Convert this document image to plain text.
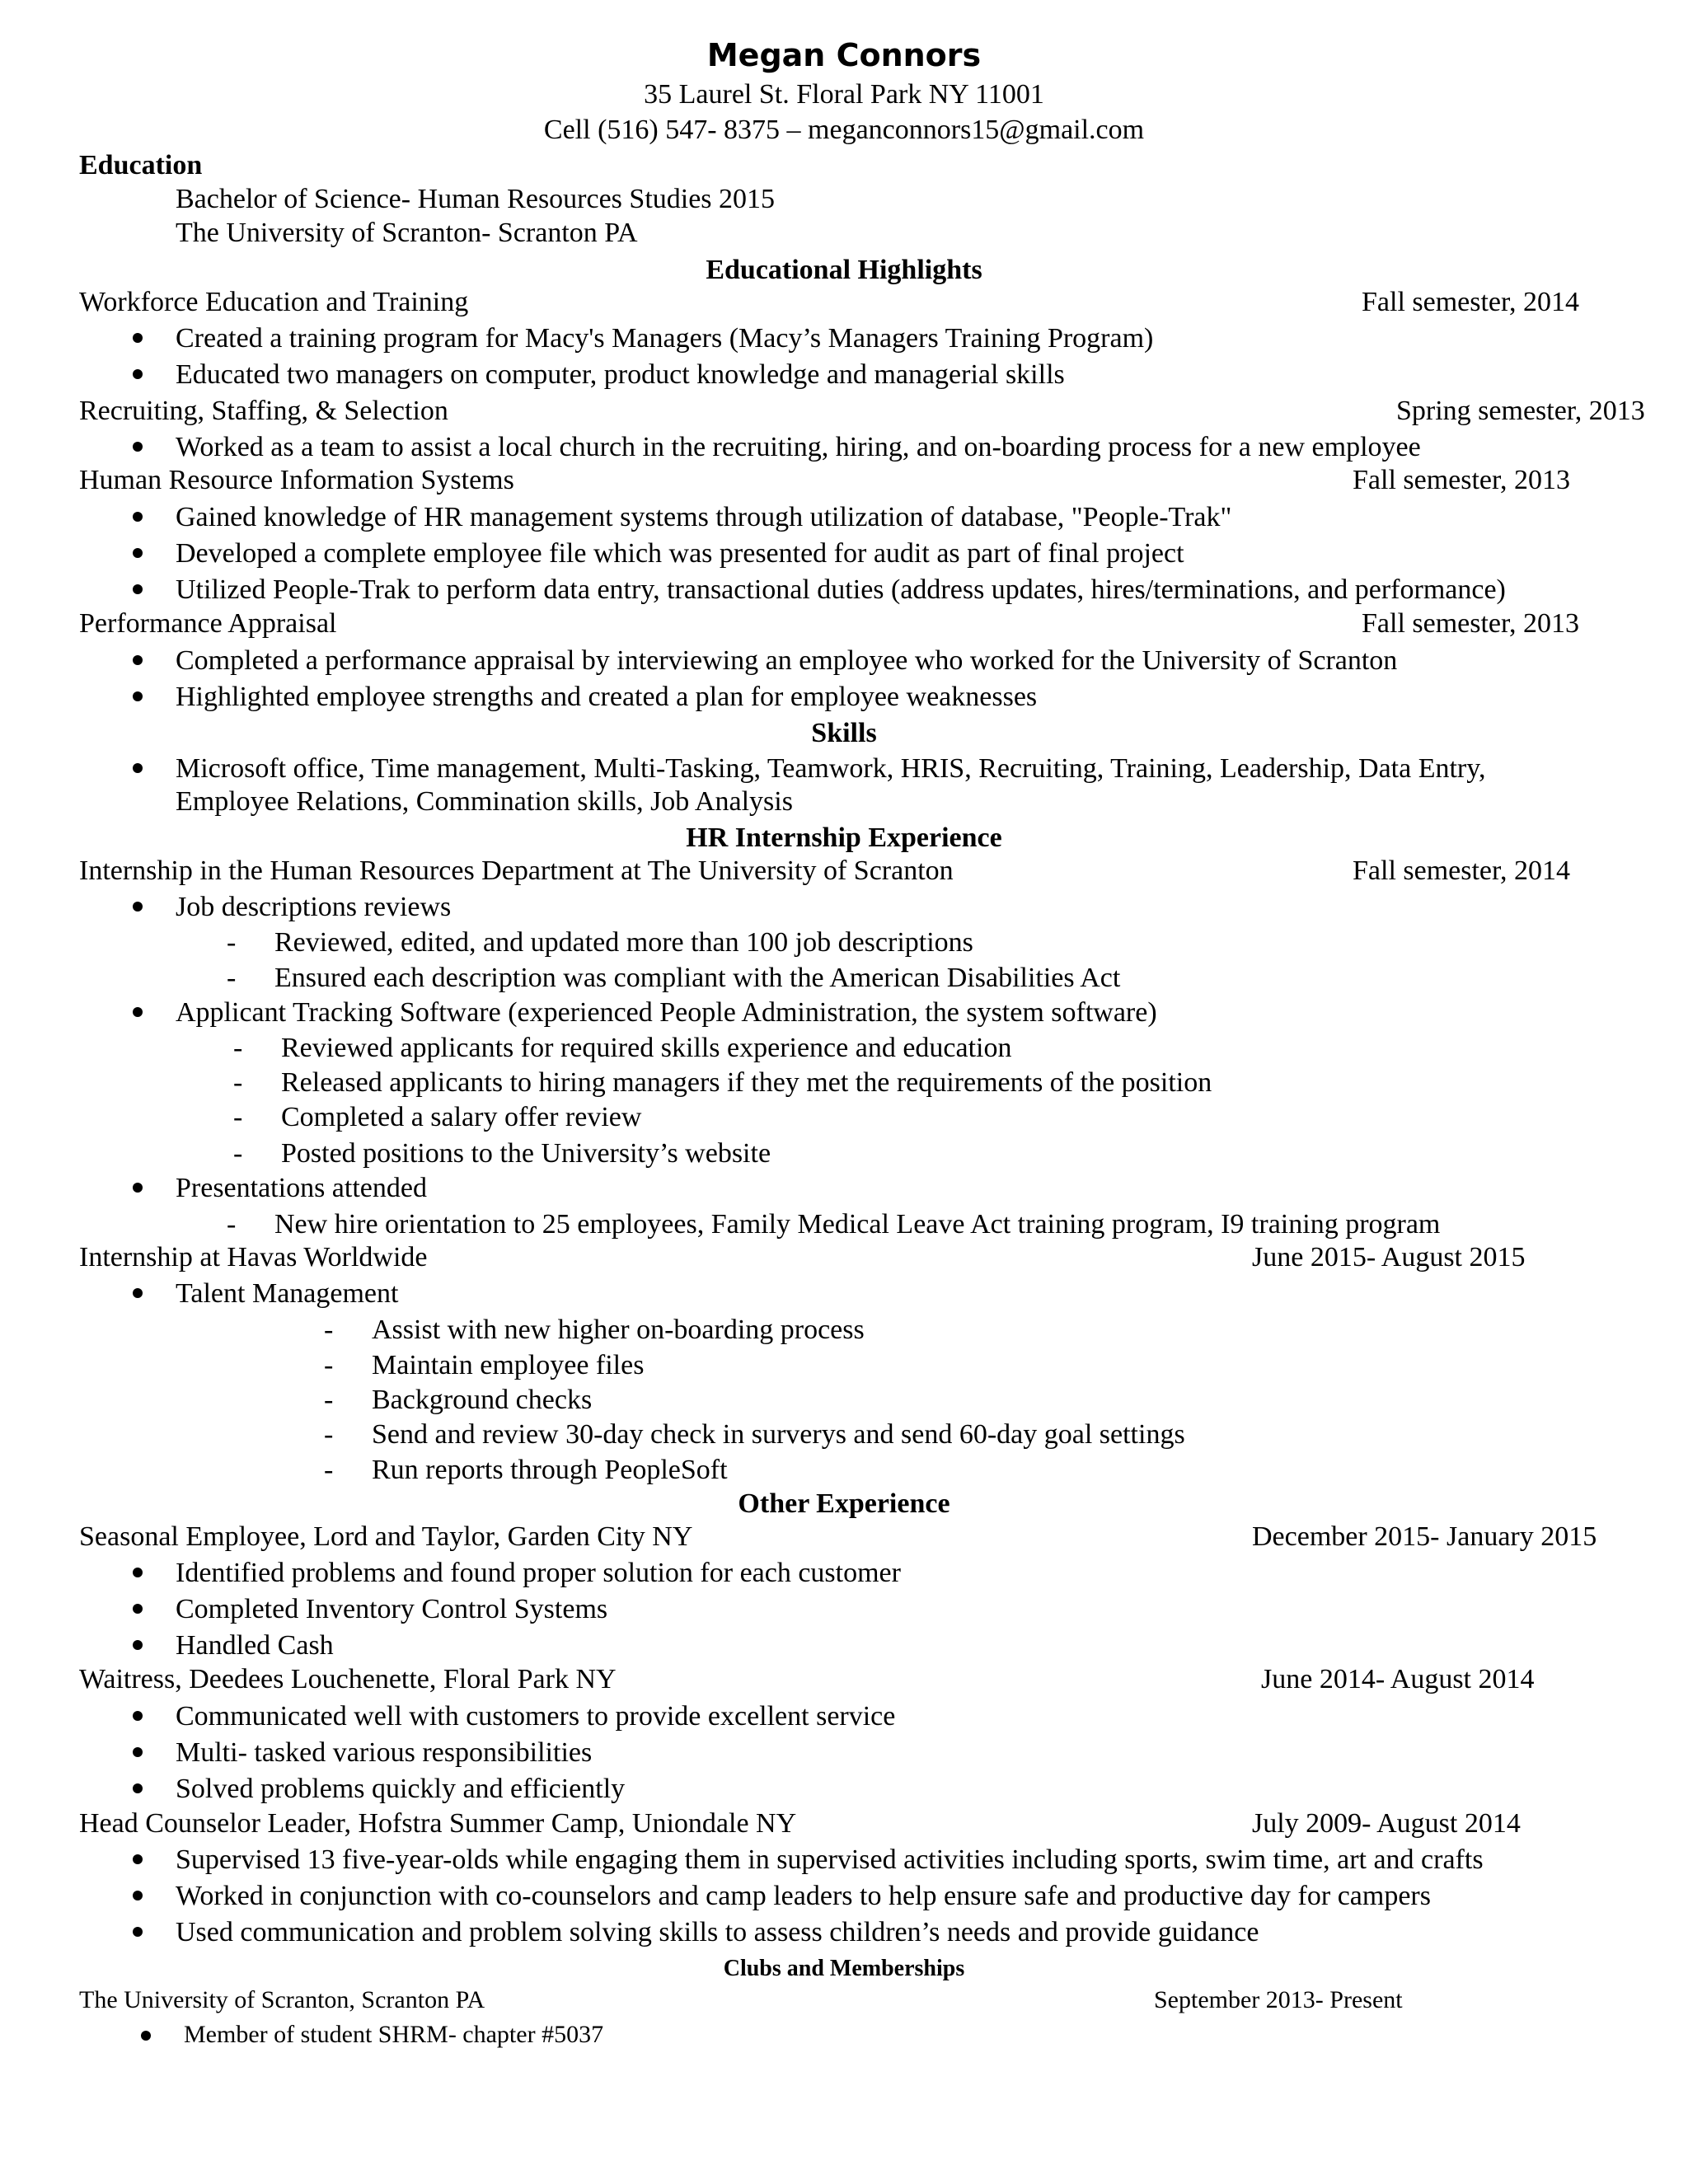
Megan Connors
35 Laurel St. Floral Park NY 11001
Cell (516) 547- 8375 – meganconnors15@gmail.com
Education
Bachelor of Science- Human Resources Studies 2015
The University of Scranton- Scranton PA
Educational Highlights
Workforce Education and Training	Fall semester, 2014
Created a training program for Macy's Managers (Macy’s Managers Training Program)
Educated two managers on computer, product knowledge and managerial skills
Recruiting, Staffing, & Selection	Spring semester, 2013
Worked as a team to assist a local church in the recruiting, hiring, and on-boarding process for a new employee
Human Resource Information Systems	Fall semester, 2013
Gained knowledge of HR management systems through utilization of database, "People-Trak"
Developed a complete employee file which was presented for audit as part of final project
Utilized People-Trak to perform data entry, transactional duties (address updates, hires/terminations, and performance)
Performance Appraisal	Fall semester, 2013
Completed a performance appraisal by interviewing an employee who worked for the University of Scranton
Highlighted employee strengths and created a plan for employee weaknesses
Skills
Microsoft office, Time management, Multi-Tasking, Teamwork, HRIS, Recruiting, Training, Leadership, Data Entry,
Employee Relations, Commination skills, Job Analysis
HR Internship Experience
Internship in the Human Resources Department at The University of Scranton	Fall semester, 2014
Job descriptions reviews
- Reviewed, edited, and updated more than 100 job descriptions
- Ensured each description was compliant with the American Disabilities Act
Applicant Tracking Software (experienced People Administration, the system software)
- Reviewed applicants for required skills experience and education
- Released applicants to hiring managers if they met the requirements of the position
- Completed a salary offer review
- Posted positions to the University’s website
Presentations attended
- New hire orientation to 25 employees, Family Medical Leave Act training program, I9 training program
Internship at Havas Worldwide	June 2015- August 2015
Talent Management
- Assist with new higher on-boarding process
- Maintain employee files
- Background checks
- Send and review 30-day check in surverys and send 60-day goal settings
- Run reports through PeopleSoft
Other Experience
Seasonal Employee, Lord and Taylor, Garden City NY	December 2015- January 2015
Identified problems and found proper solution for each customer
Completed Inventory Control Systems
Handled Cash
Waitress, Deedees Louchenette, Floral Park NY	June 2014- August 2014
Communicated well with customers to provide excellent service
Multi- tasked various responsibilities
Solved problems quickly and efficiently
Head Counselor Leader, Hofstra Summer Camp, Uniondale NY	July 2009- August 2014
Supervised 13 five-year-olds while engaging them in supervised activities including sports, swim time, art and crafts
Worked in conjunction with co-counselors and camp leaders to help ensure safe and productive day for campers
Used communication and problem solving skills to assess children’s needs and provide guidance
Clubs and Memberships
The University of Scranton, Scranton PA	September 2013- Present
Member of student SHRM- chapter #5037
